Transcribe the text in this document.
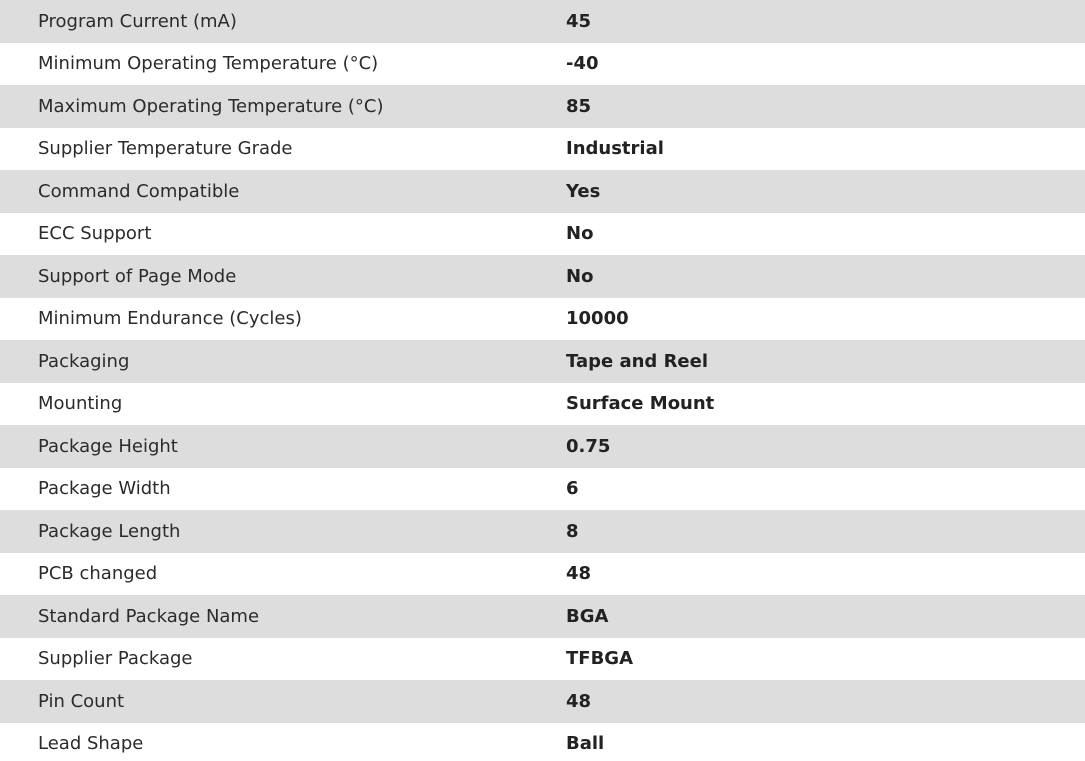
Program Current (mA)	45
Minimum Operating Temperature (°C)	-40
Maximum Operating Temperature (°C)	85
Supplier Temperature Grade	Industrial
Command Compatible	Yes
ECC Support	No
Support of Page Mode	No
Minimum Endurance (Cycles)	10000
Packaging	Tape and Reel
Mounting	Surface Mount
Package Height	0.75
Package Width	6
Package Length	8
PCB changed	48
Standard Package Name	BGA
Supplier Package	TFBGA
Pin Count	48
Lead Shape	Ball
